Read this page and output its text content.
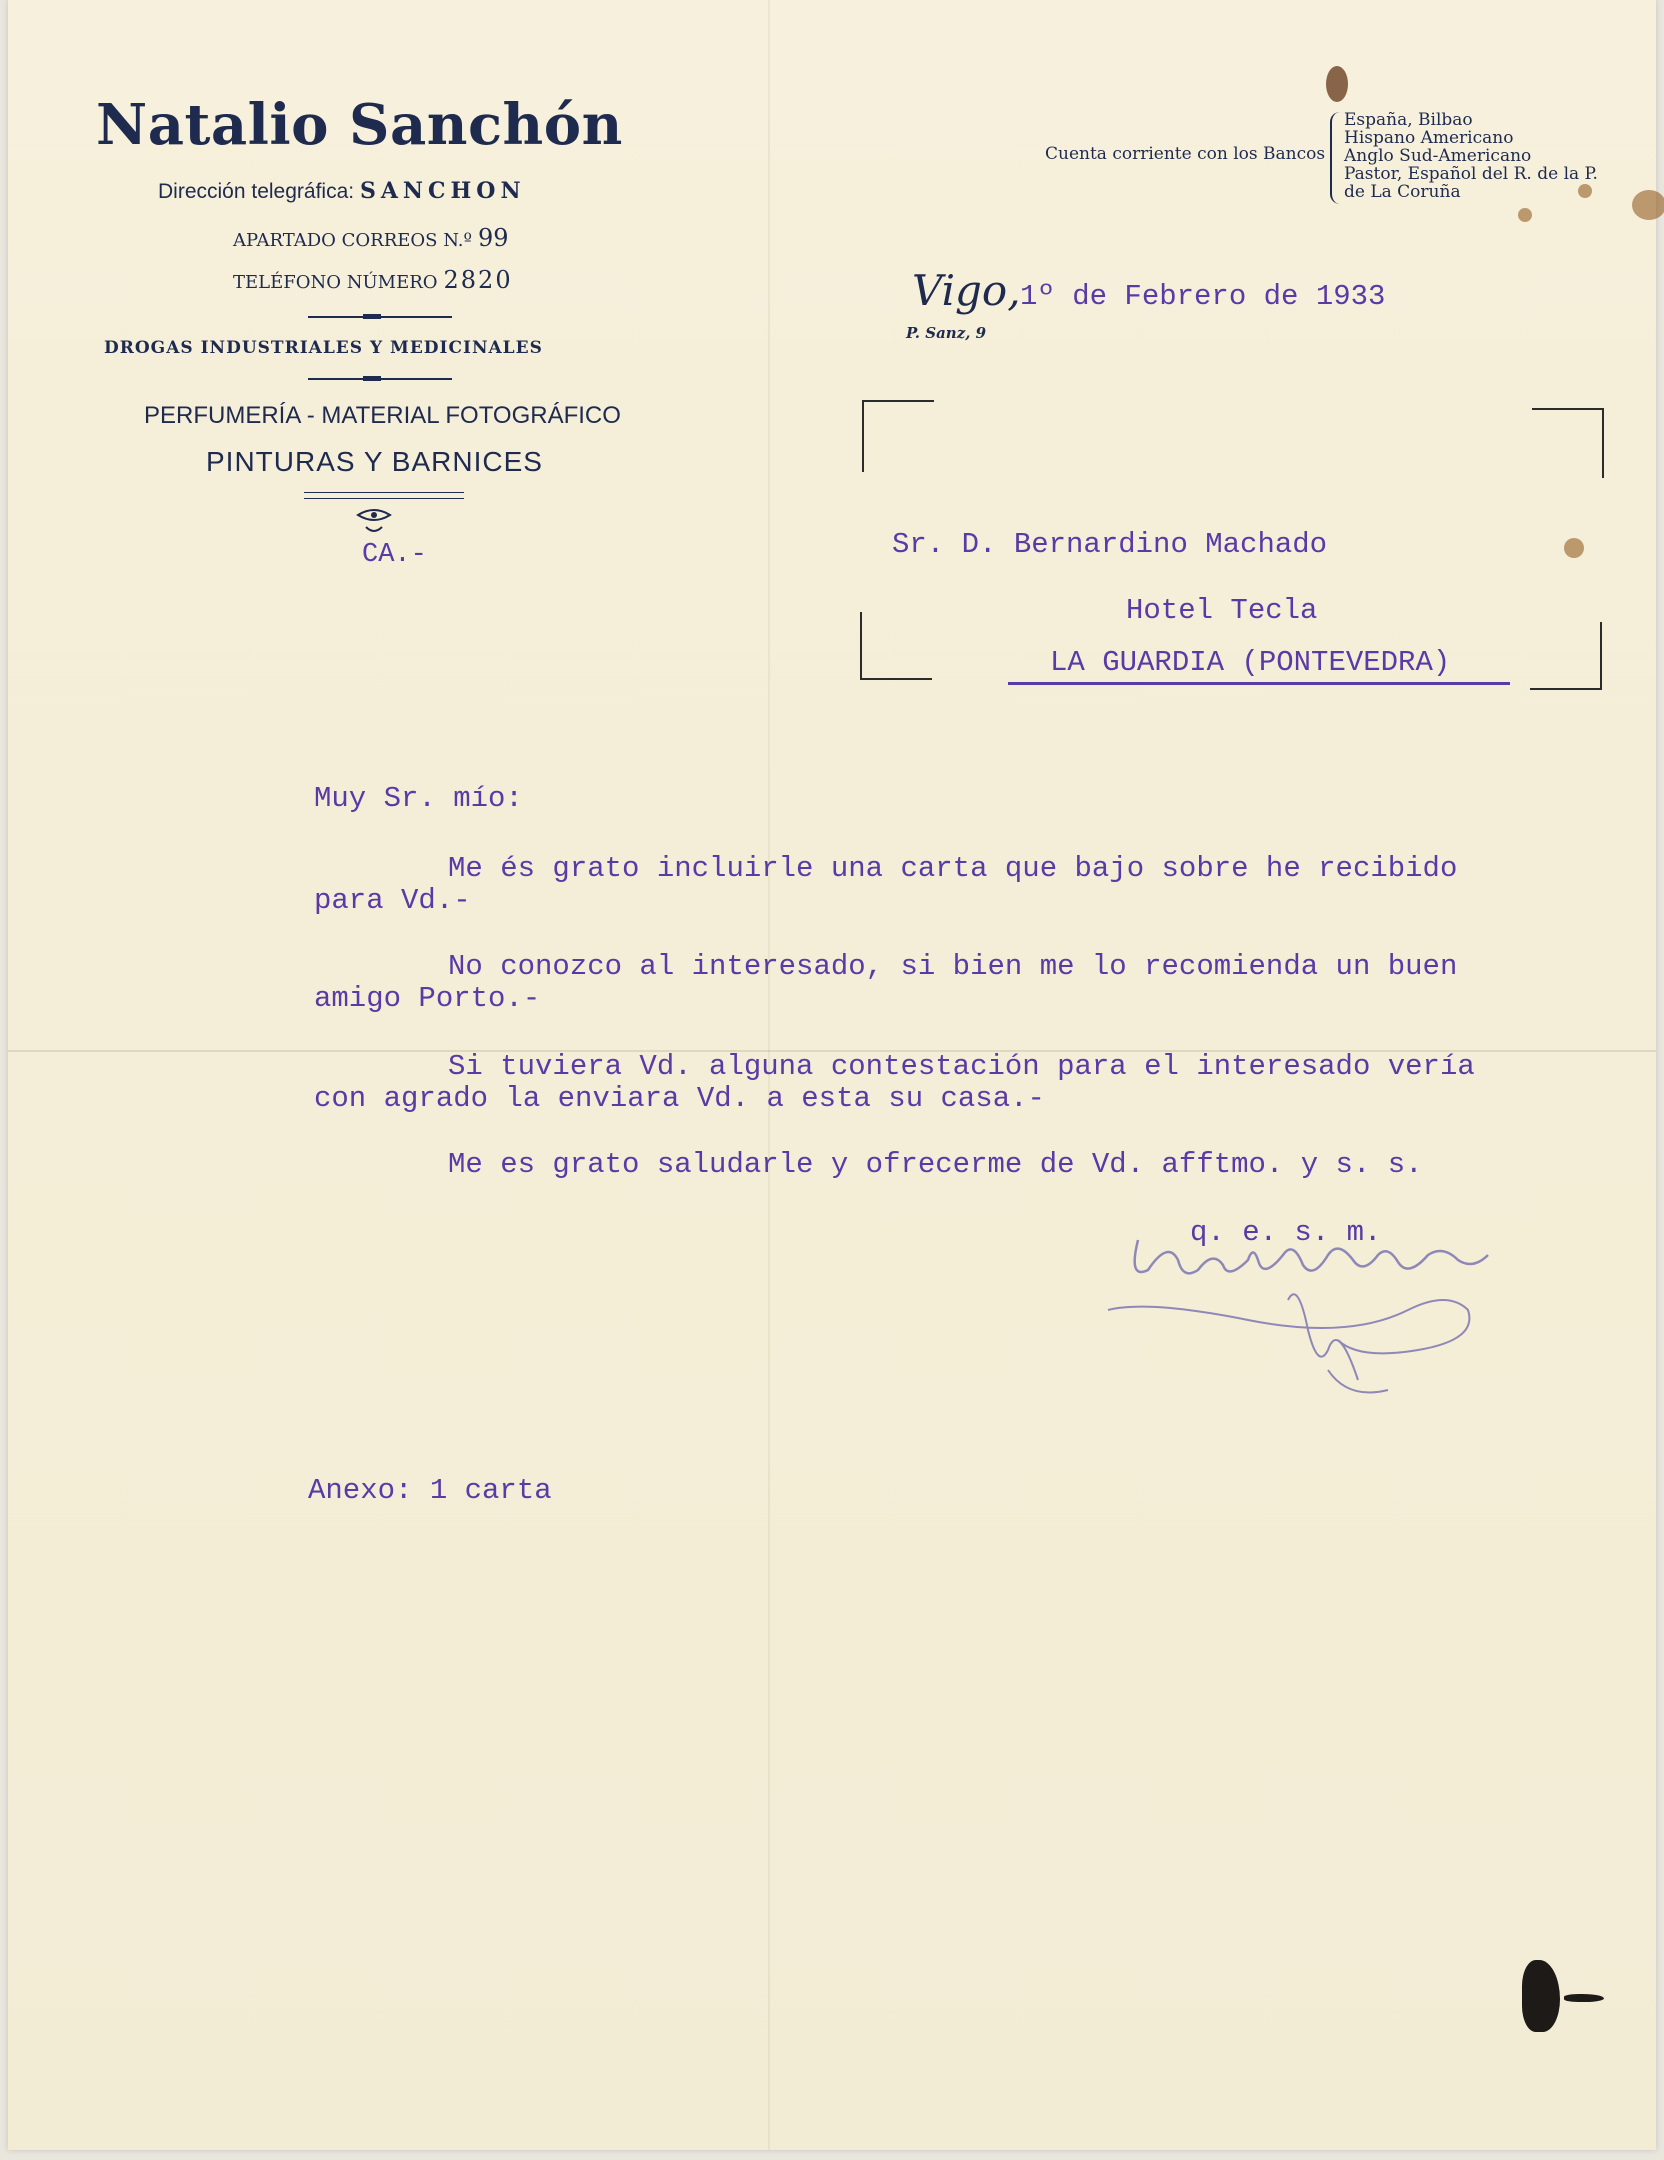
Natalio Sanchón
Dirección telegráfica: SANCHON
APARTADO CORREOS N.º 99
TELÉFONO NÚMERO 2820
DROGAS INDUSTRIALES Y MEDICINALES
PERFUMERÍA - MATERIAL FOTOGRÁFICO
PINTURAS Y BARNICES
CA.-
Cuenta corriente con los Bancos
España, Bilbao
Hispano Americano
Anglo Sud-Americano
Pastor, Español del R. de la P.
de La Coruña
Vigo, 1º de Febrero de 1933
P. Sanz, 9
Sr. D. Bernardino Machado
Hotel Tecla
LA GUARDIA (PONTEVEDRA)
Muy Sr. mío:
Me és grato incluirle una carta que bajo sobre he recibido
para Vd.-
No conozco al interesado, si bien me lo recomienda un buen
amigo Porto.-
Si tuviera Vd. alguna contestación para el interesado vería
con agrado la enviara Vd. a esta su casa.-
Me es grato saludarle y ofrecerme de Vd. afftmo. y s. s.
q. e. s. m.
Anexo: 1 carta
